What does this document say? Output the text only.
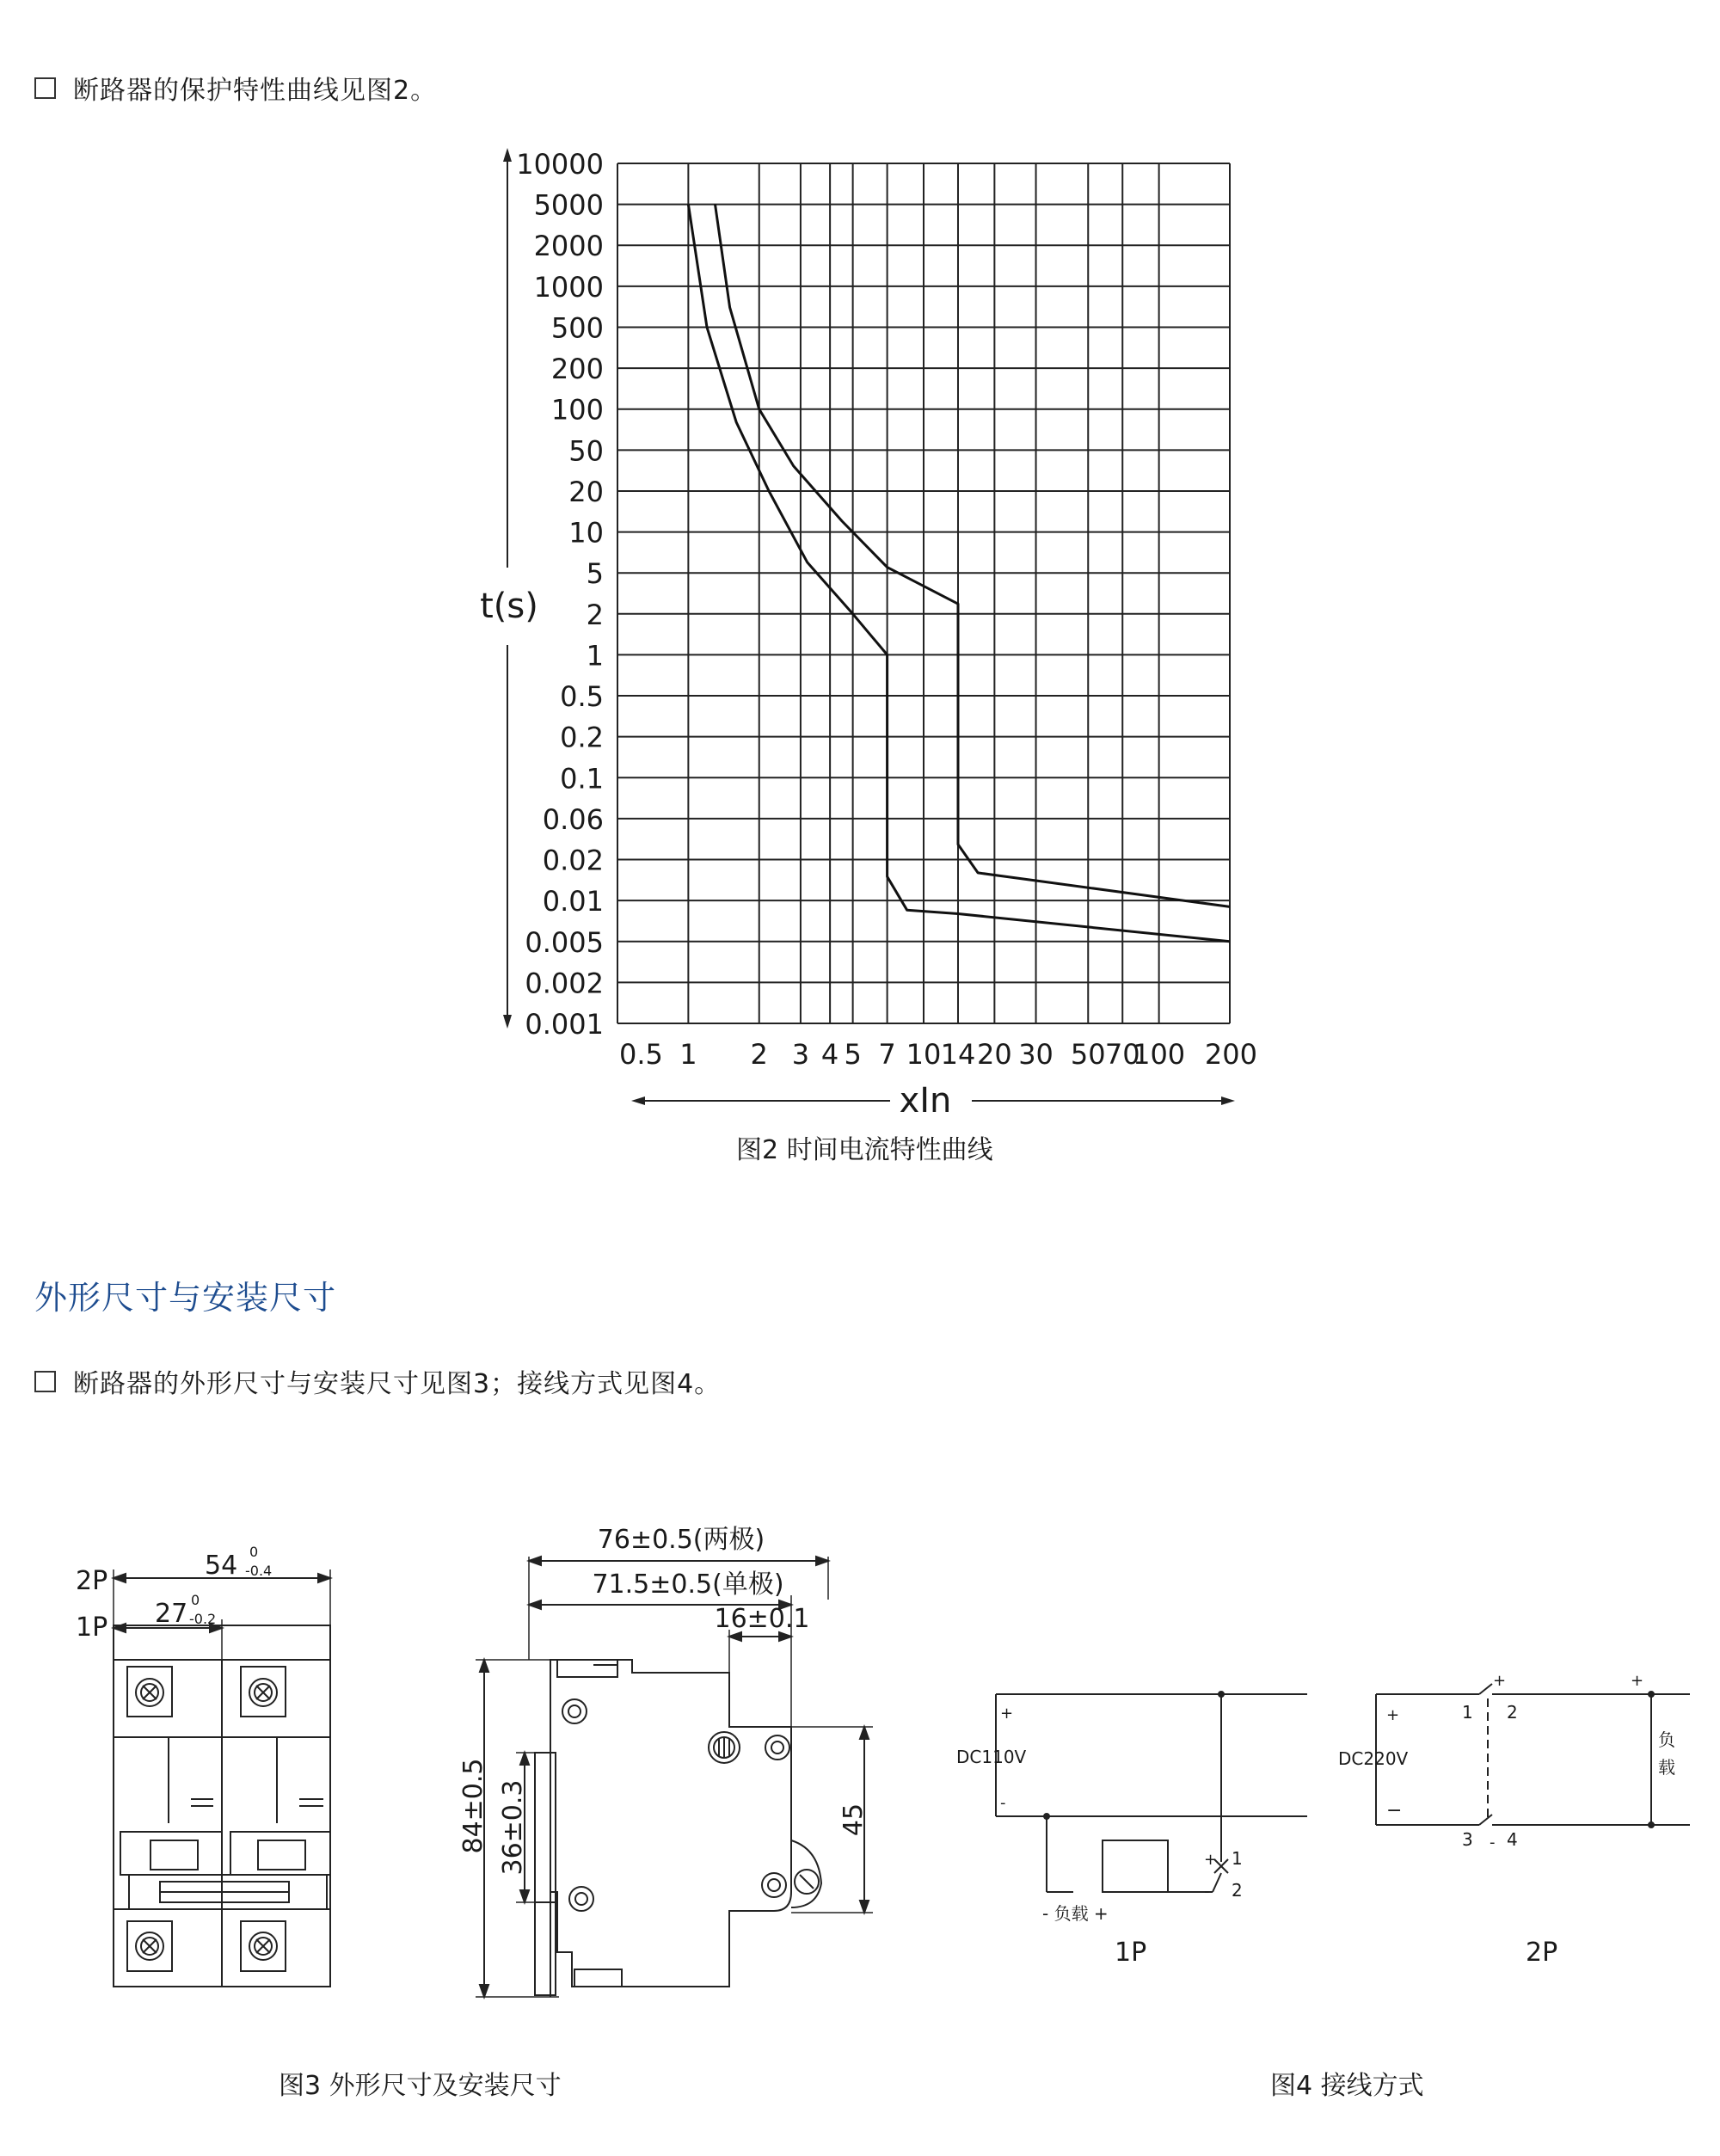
断路器的保护特性曲线见图2。
10000
5000
2000
1000
500
200
100
50
20
10
5
2
1
0.5
0.2
0.1
0.06
0.02
0.01
0.005
0.002
0.001
0.5 1 2 3 4 5 7 10 14 20 30 50 70
100 200
t(s)
xIn
图2 时间电流特性曲线
外形尺寸与安装尺寸
断路器的外形尺寸与安装尺寸见图3；接线方式见图4。
2P
1P
54 0
-0.4
27 0
-0.2
76±0.5(两极)
71.5±0.5(单极)
16±0.1
84±0.5 36±0.3	45
+
DC110V
-
- 负载 +
+ 1
- 2
1P
+
DC220V
−
+	+
1 2
3 - 4
负
载
2P
图3 外形尺寸及安装尺寸	图4 接线方式
